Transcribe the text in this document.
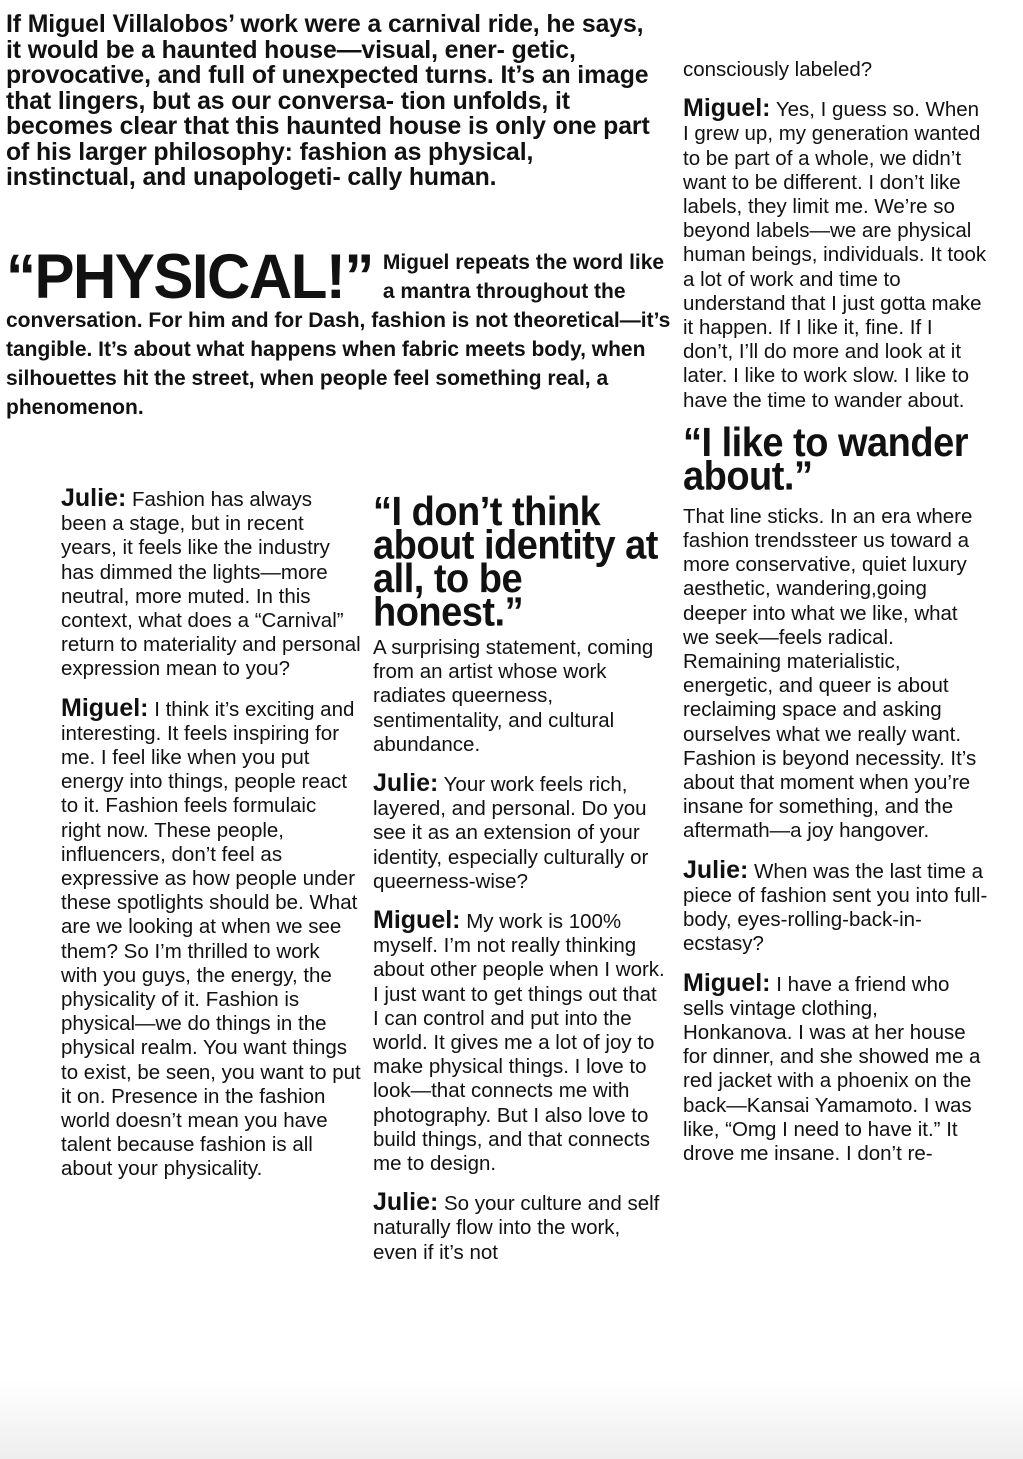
If Miguel Villalobos’ work were a carnival ride, he says, it would be a haunted house—visual, ener- getic, provocative, and full of unexpected turns. It’s an image that lingers, but as our conversa- tion unfolds, it becomes clear that this haunted house is only one part of his larger philosophy: fashion as physical, instinctual, and unapologeti- cally human.

“PHYSICAL!” Miguel repeats the word like a mantra throughout the conversation. For him and for Dash, fashion is not theoretical—it’s tangible. It’s about what happens when fabric meets body, when silhouettes hit the street, when people feel something real, a phenomenon.

Julie: Fashion has always been a stage, but in recent years, it feels like the industry has dimmed the lights—more neutral, more muted. In this context, what does a “Carnival” return to materiality and personal expression mean to you?

Miguel: I think it’s exciting and interesting. It feels inspiring for me. I feel like when you put energy into things, people react to it. Fashion feels formulaic right now. These people, influencers, don’t feel as expressive as how people under these spotlights should be. What are we looking at when we see them? So I’m thrilled to work with you guys, the energy, the physicality of it. Fashion is physical—we do things in the physical realm. You want things to exist, be seen, you want to put it on. Presence in the fashion world doesn’t mean you have talent because fashion is all about your physicality.

“I don’t think about identity at all, to be honest.”

A surprising statement, coming from an artist whose work radiates queerness, sentimentality, and cultural abundance.

Julie: Your work feels rich, layered, and personal. Do you see it as an extension of your identity, especially culturally or queerness-wise?

Miguel: My work is 100% myself. I’m not really thinking about other people when I work. I just want to get things out that I can control and put into the world. It gives me a lot of joy to make physical things. I love to look—that connects me with photography. But I also love to build things, and that connects me to design.

Julie: So your culture and self naturally flow into the work, even if it’s not

consciously labeled?

Miguel: Yes, I guess so. When I grew up, my generation wanted to be part of a whole, we didn’t want to be different. I don’t like labels, they limit me. We’re so beyond labels—we are physical human beings, individuals. It took a lot of work and time to understand that I just gotta make it happen. If I like it, fine. If I don’t, I’ll do more and look at it later. I like to work slow. I like to have the time to wander about.

“I like to wander about.”

That line sticks. In an era where fashion trendssteer us toward a more conservative, quiet luxury aesthetic, wandering,going deeper into what we like, what we seek—feels radical. Remaining materialistic, energetic, and queer is about reclaiming space and asking ourselves what we really want. Fashion is beyond necessity. It’s about that moment when you’re insane for something, and the aftermath—a joy hangover.

Julie: When was the last time a piece of fashion sent you into full-body, eyes-rolling-back-in-ecstasy?

Miguel: I have a friend who sells vintage clothing, Honkanova. I was at her house for dinner, and she showed me a red jacket with a phoenix on the back—Kansai Yamamoto. I was like, “Omg I need to have it.” It drove me insane. I don’t re-
